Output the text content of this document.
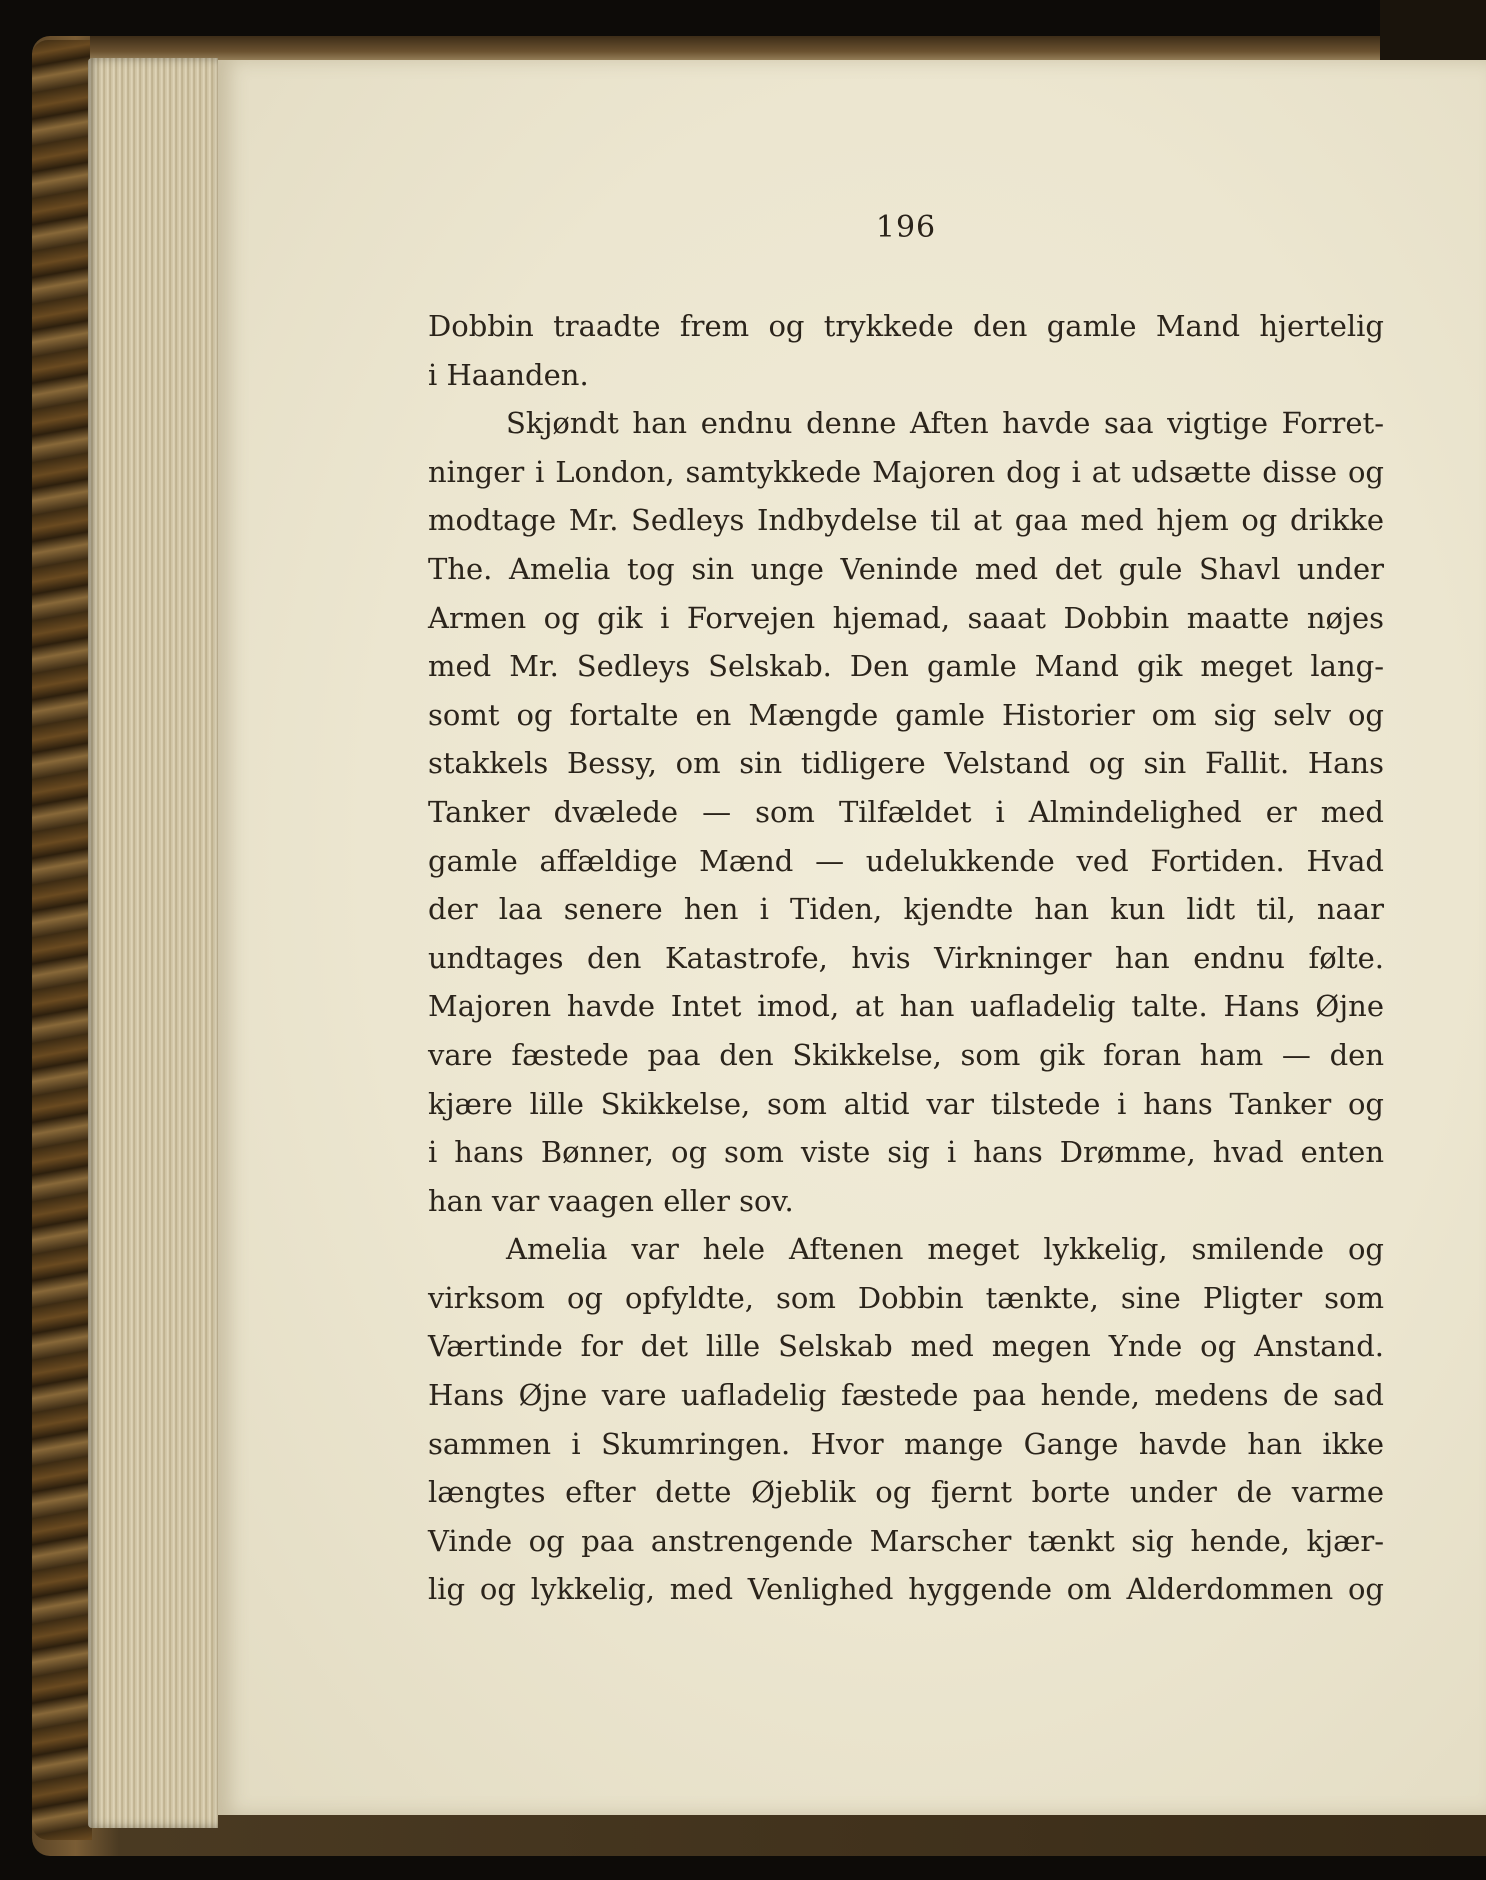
196
Dobbin traadte frem og trykkede den gamle Mand hjertelig
i Haanden.
Skjøndt han endnu denne Aften havde saa vigtige Forret-
ninger i London, samtykkede Majoren dog i at udsætte disse og
modtage Mr. Sedleys Indbydelse til at gaa med hjem og drikke
The. Amelia tog sin unge Veninde med det gule Shavl under
Armen og gik i Forvejen hjemad, saaat Dobbin maatte nøjes
med Mr. Sedleys Selskab. Den gamle Mand gik meget lang-
somt og fortalte en Mængde gamle Historier om sig selv og
stakkels Bessy, om sin tidligere Velstand og sin Fallit. Hans
Tanker dvælede — som Tilfældet i Almindelighed er med
gamle affældige Mænd — udelukkende ved Fortiden. Hvad
der laa senere hen i Tiden, kjendte han kun lidt til, naar
undtages den Katastrofe, hvis Virkninger han endnu følte.
Majoren havde Intet imod, at han uafladelig talte. Hans Øjne
vare fæstede paa den Skikkelse, som gik foran ham — den
kjære lille Skikkelse, som altid var tilstede i hans Tanker og
i hans Bønner, og som viste sig i hans Drømme, hvad enten
han var vaagen eller sov.
Amelia var hele Aftenen meget lykkelig, smilende og
virksom og opfyldte, som Dobbin tænkte, sine Pligter som
Værtinde for det lille Selskab med megen Ynde og Anstand.
Hans Øjne vare uafladelig fæstede paa hende, medens de sad
sammen i Skumringen. Hvor mange Gange havde han ikke
længtes efter dette Øjeblik og fjernt borte under de varme
Vinde og paa anstrengende Marscher tænkt sig hende, kjær-
lig og lykkelig, med Venlighed hyggende om Alderdommen og
